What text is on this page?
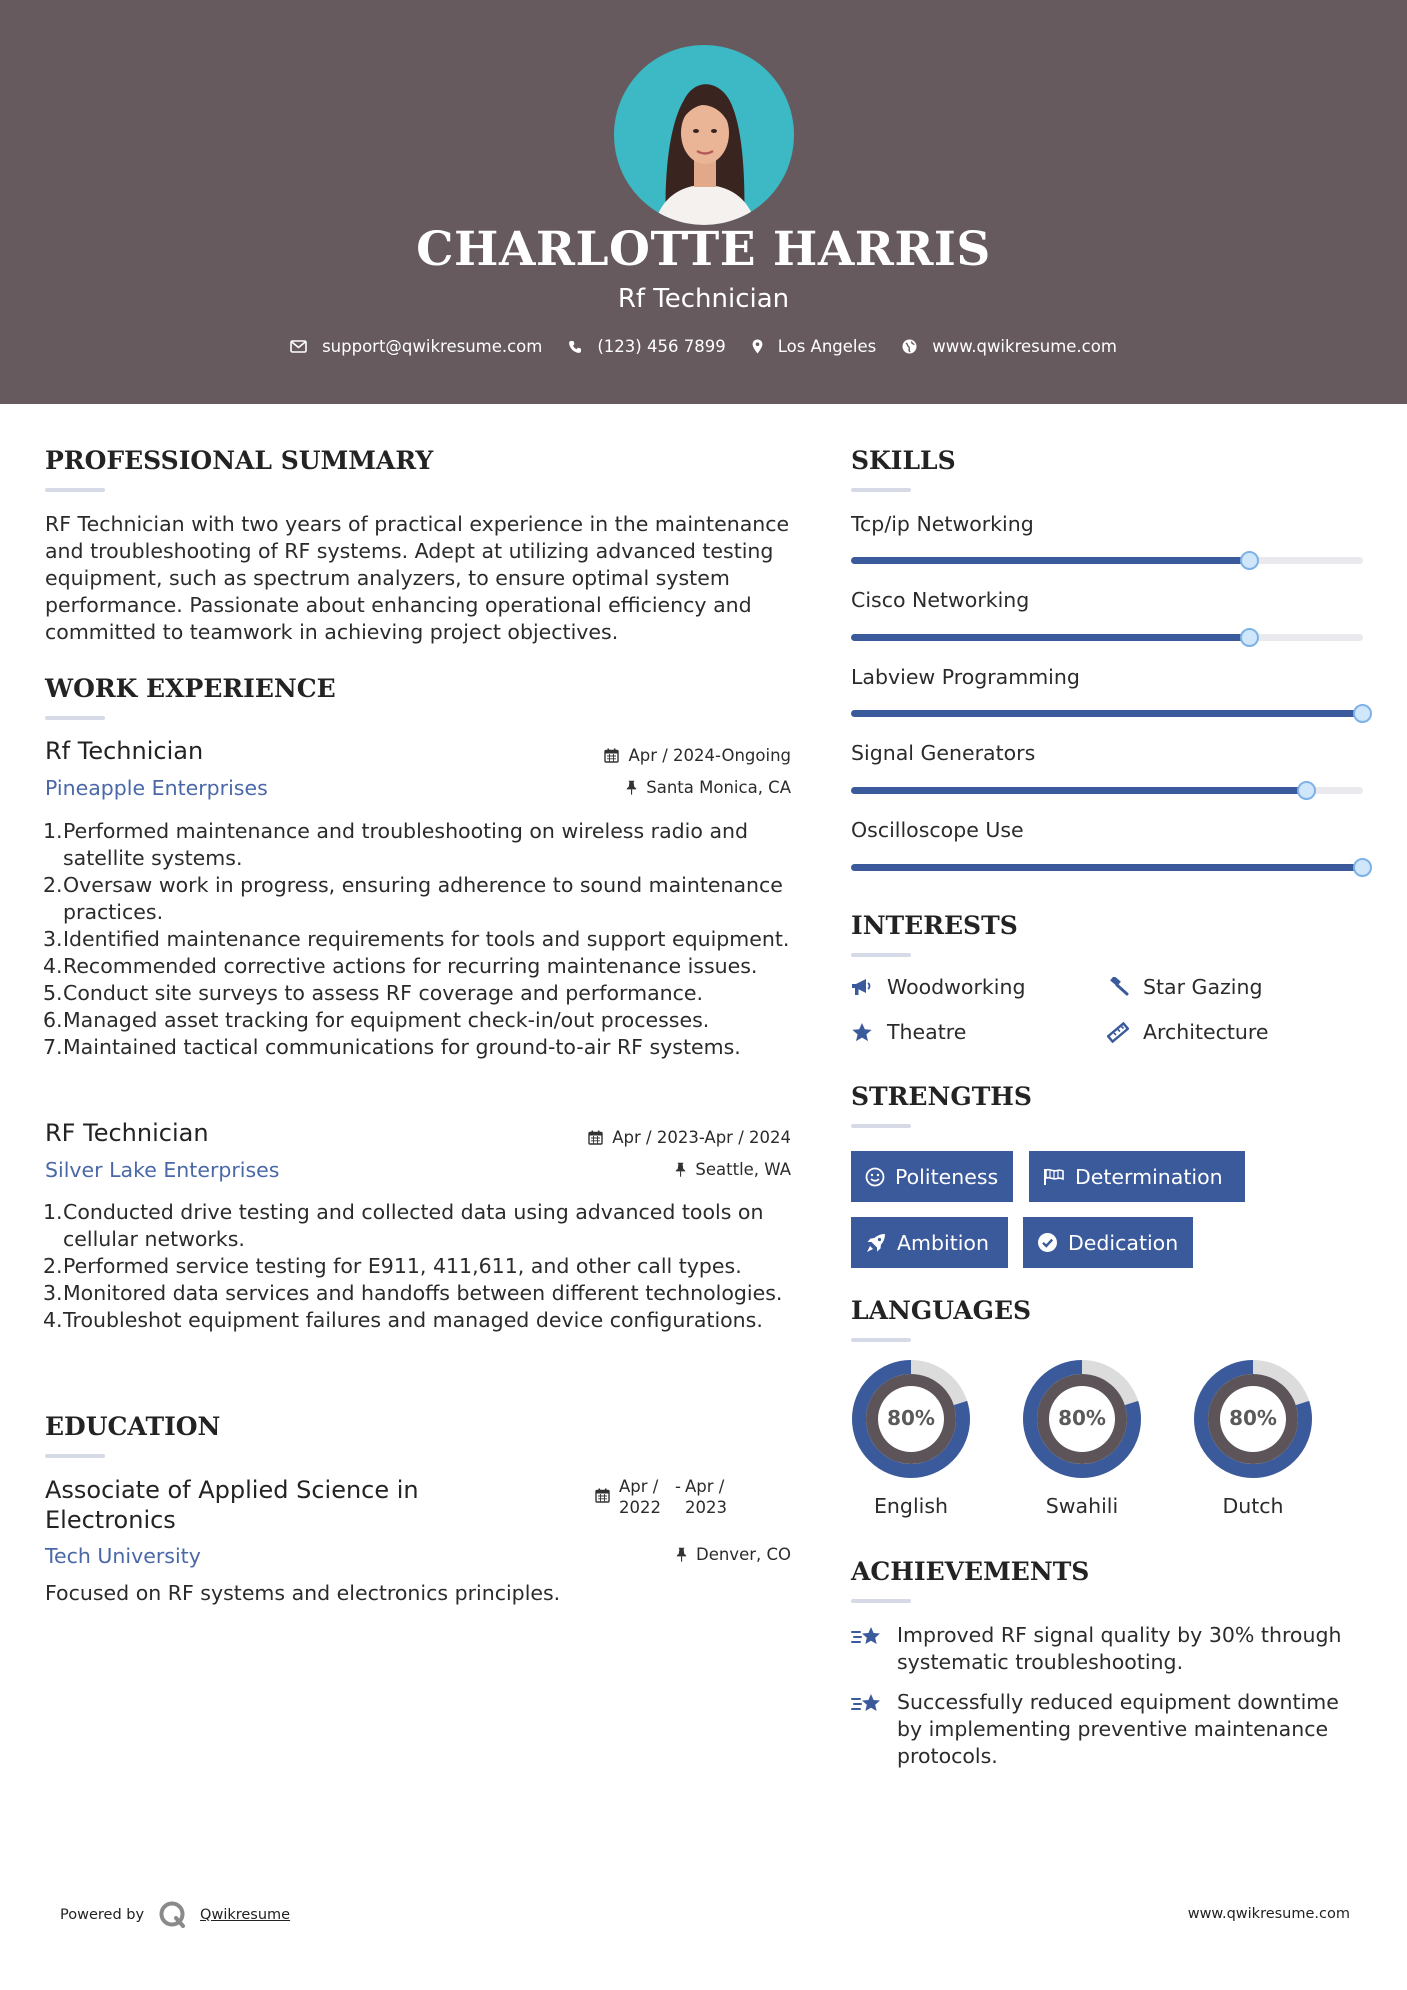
CHARLOTTE HARRIS
Rf Technician
support@qwikresume.com	(123) 456 7899	Los Angeles	www.qwikresume.com
PROFESSIONAL SUMMARY
RF Technician with two years of practical experience in the maintenance and troubleshooting of RF systems. Adept at utilizing advanced testing equipment, such as spectrum analyzers, to ensure optimal system performance. Passionate about enhancing operational efficiency and committed to teamwork in achieving project objectives.
WORK EXPERIENCE
Rf Technician	Apr / 2024-Ongoing
Pineapple Enterprises	Santa Monica, CA
Performed maintenance and troubleshooting on wireless radio and satellite systems.
Oversaw work in progress, ensuring adherence to sound maintenance practices.
Identified maintenance requirements for tools and support equipment.
Recommended corrective actions for recurring maintenance issues.
Conduct site surveys to assess RF coverage and performance.
Managed asset tracking for equipment check-in/out processes.
Maintained tactical communications for ground-to-air RF systems.
RF Technician	Apr / 2023-Apr / 2024
Silver Lake Enterprises	Seattle, WA
Conducted drive testing and collected data using advanced tools on cellular networks.
Performed service testing for E911, 411,611, and other call types.
Monitored data services and handoffs between different technologies.
Troubleshot equipment failures and managed device configurations.
EDUCATION
Associate of Applied Science in Electronics
Apr / 2022
- Apr / 2023
Tech University	Denver, CO
Focused on RF systems and electronics principles.
SKILLS
Tcp/ip Networking
Cisco Networking
Labview Programming
Signal Generators
Oscilloscope Use
INTERESTS
Woodworking	Star Gazing
Theatre	Architecture
STRENGTHS
Politeness	Determination
Ambition	Dedication
LANGUAGES
80%
English
80%
Swahili
80%
Dutch
ACHIEVEMENTS
Improved RF signal quality by 30% through systematic troubleshooting.
Successfully reduced equipment downtime by implementing preventive maintenance protocols.
Powered by	Qwikresume	www.qwikresume.com
